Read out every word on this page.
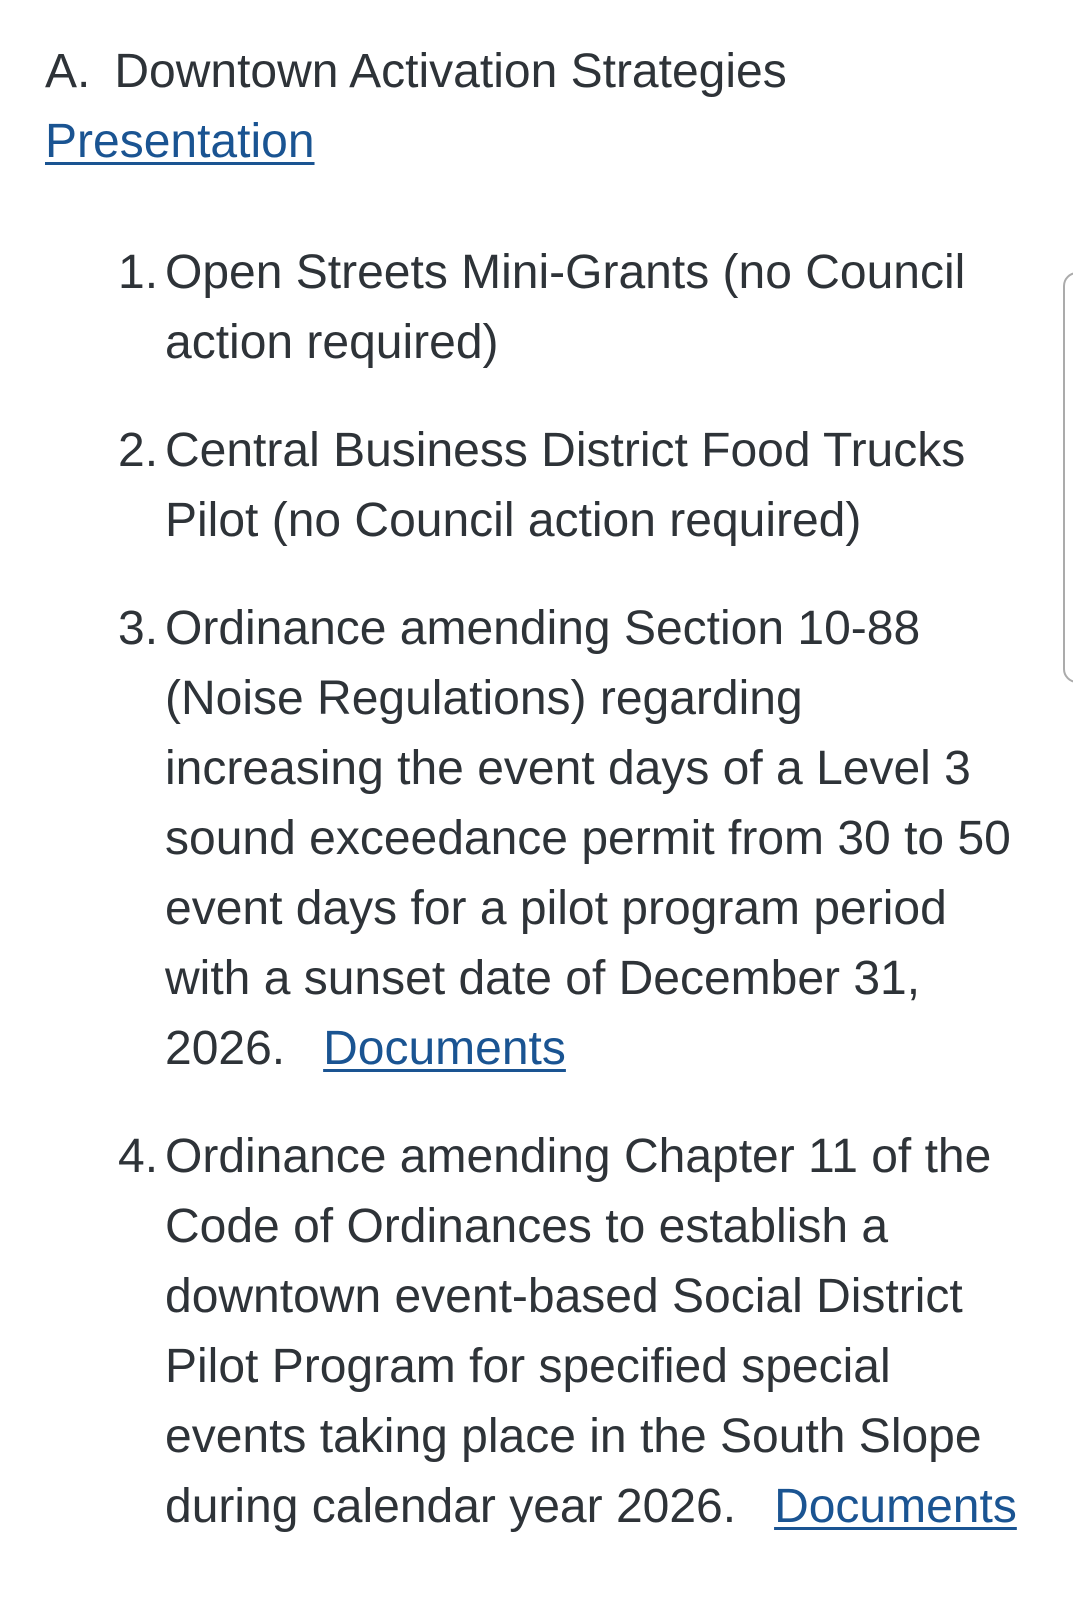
A. Downtown Activation Strategies
Presentation
1. Open Streets Mini-Grants (no Council action required)
2. Central Business District Food Trucks Pilot (no Council action required)
3. Ordinance amending Section 10-88 (Noise Regulations) regarding increasing the event days of a Level 3 sound exceedance permit from 30 to 50 event days for a pilot program period with a sunset date of December 31, 2026. Documents
4. Ordinance amending Chapter 11 of the Code of Ordinances to establish a downtown event-based Social District Pilot Program for specified special events taking place in the South Slope during calendar year 2026. Documents
